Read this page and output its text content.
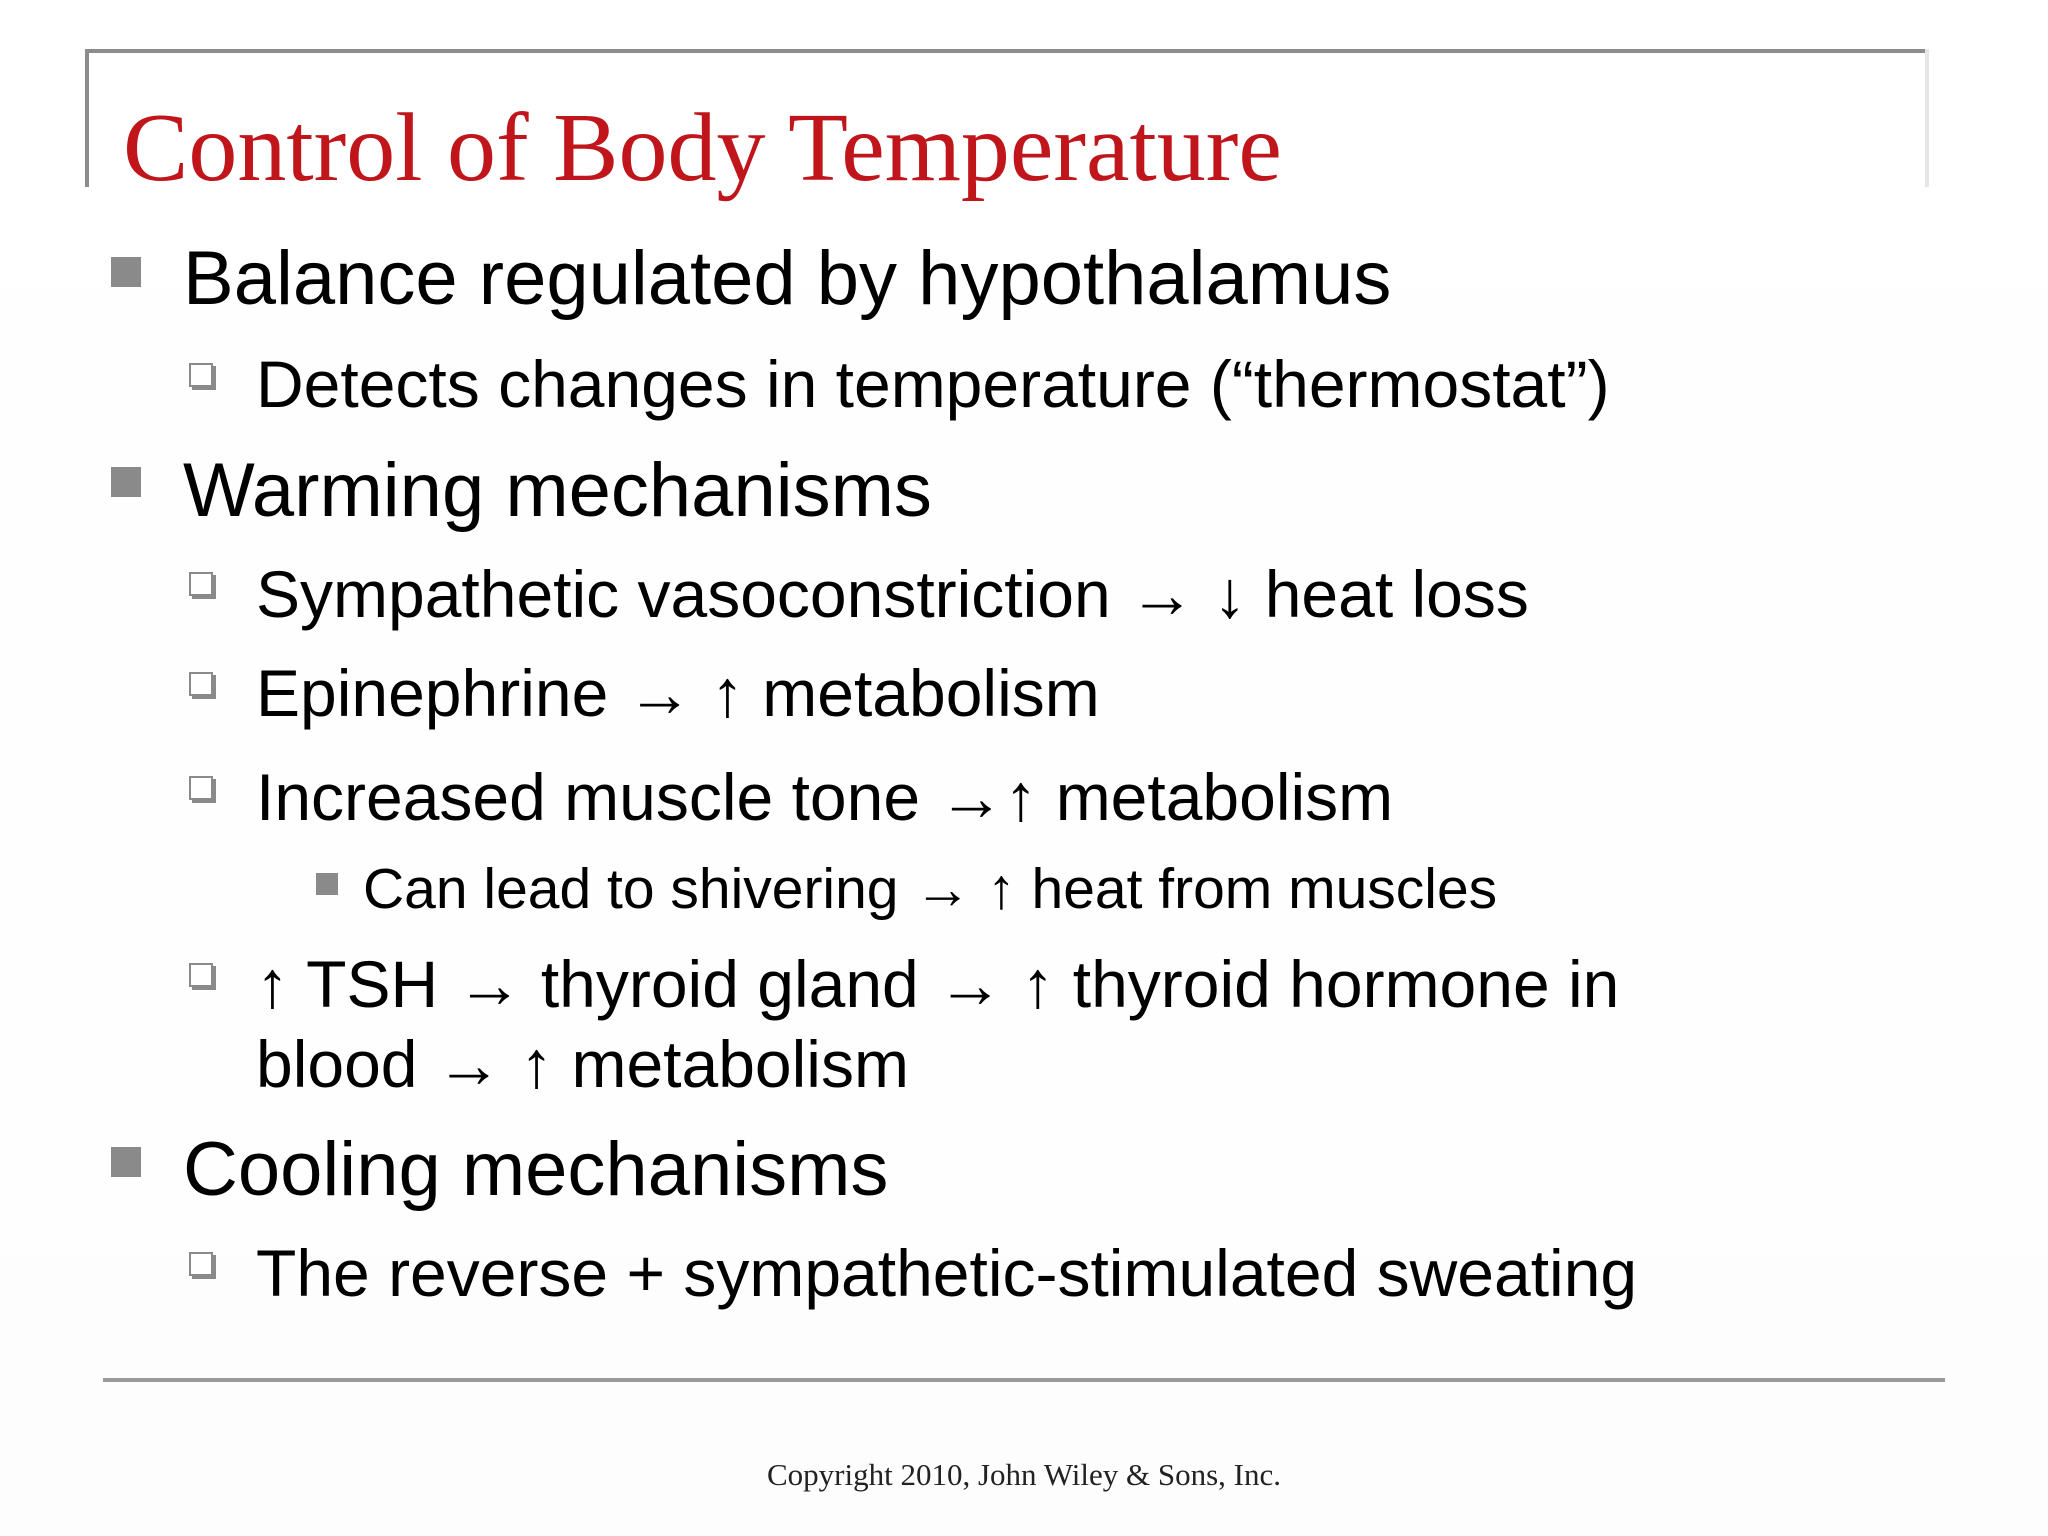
Control of Body Temperature
Balance regulated by hypothalamus
Detects changes in temperature (“thermostat”)
Warming mechanisms
Sympathetic vasoconstriction → ↓ heat loss
Epinephrine → ↑ metabolism
Increased muscle tone →↑ metabolism
Can lead to shivering → ↑ heat from muscles
↑ TSH → thyroid gland → ↑ thyroid hormone in
blood → ↑ metabolism
Cooling mechanisms
The reverse + sympathetic-stimulated sweating
Copyright 2010, John Wiley & Sons, Inc.
